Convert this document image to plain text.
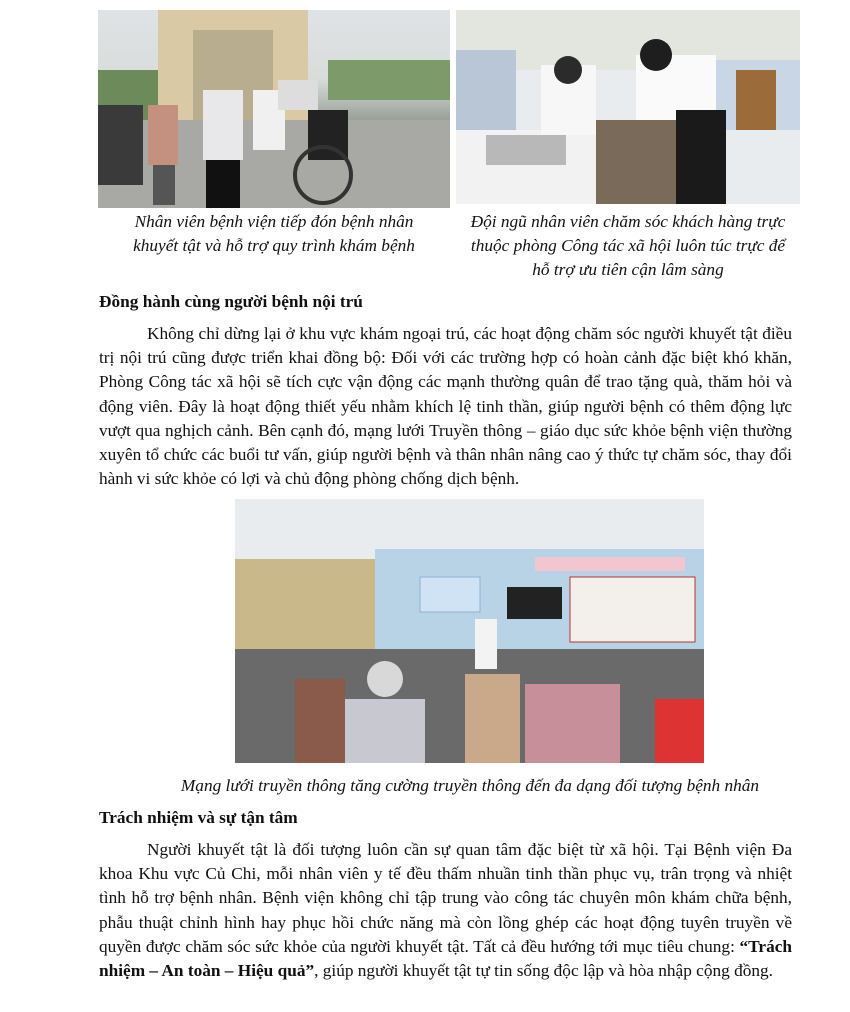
Nhân viên bệnh viện tiếp đón bệnh nhân
khuyết tật và hỗ trợ quy trình khám bệnh
Đội ngũ nhân viên chăm sóc khách hàng trực
thuộc phòng Công tác xã hội luôn túc trực để
hỗ trợ ưu tiên cận lâm sàng
Đồng hành cùng người bệnh nội trú

Không chỉ dừng lại ở khu vực khám ngoại trú, các hoạt động chăm sóc người khuyết tật điều trị nội trú cũng được triển khai đồng bộ: Đối với các trường hợp có hoàn cảnh đặc biệt khó khăn, Phòng Công tác xã hội sẽ tích cực vận động các mạnh thường quân để trao tặng quà, thăm hỏi và động viên. Đây là hoạt động thiết yếu nhằm khích lệ tinh thần, giúp người bệnh có thêm động lực vượt qua nghịch cảnh. Bên cạnh đó, mạng lưới Truyền thông – giáo dục sức khỏe bệnh viện thường xuyên tổ chức các buổi tư vấn, giúp người bệnh và thân nhân nâng cao ý thức tự chăm sóc, thay đổi hành vi sức khỏe có lợi và chủ động phòng chống dịch bệnh.

Mạng lưới truyền thông tăng cường truyền thông đến đa dạng đối tượng bệnh nhân
Trách nhiệm và sự tận tâm

Người khuyết tật là đối tượng luôn cần sự quan tâm đặc biệt từ xã hội. Tại Bệnh viện Đa khoa Khu vực Củ Chi, mỗi nhân viên y tế đều thấm nhuần tinh thần phục vụ, trân trọng và nhiệt tình hỗ trợ bệnh nhân. Bệnh viện không chỉ tập trung vào công tác chuyên môn khám chữa bệnh, phẫu thuật chỉnh hình hay phục hồi chức năng mà còn lồng ghép các hoạt động tuyên truyền về quyền được chăm sóc sức khỏe của người khuyết tật. Tất cả đều hướng tới mục tiêu chung: “Trách nhiệm – An toàn – Hiệu quả”, giúp người khuyết tật tự tin sống độc lập và hòa nhập cộng đồng.
